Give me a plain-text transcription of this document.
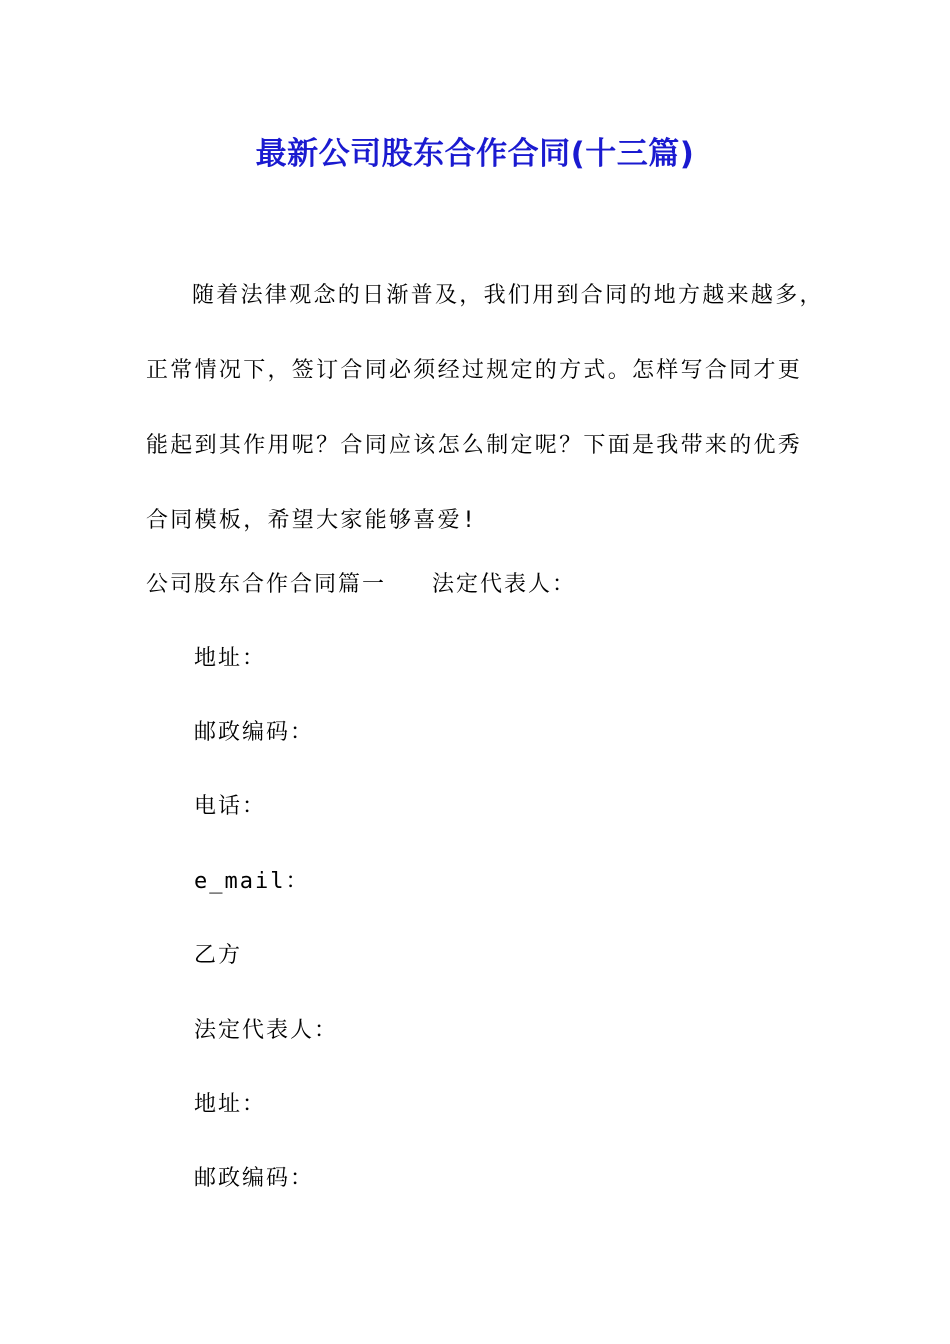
最新公司股东合作合同(十三篇)

随着法律观念的日渐普及，我们用到合同的地方越来越多，正常情况下，签订合同必须经过规定的方式。怎样写合同才更能起到其作用呢？合同应该怎么制定呢？下面是我带来的优秀合同模板，希望大家能够喜爱!

公司股东合作合同篇一 法定代表人：
地址：
邮政编码：
电话：
e_mail：
乙方
法定代表人：
地址：
邮政编码：
